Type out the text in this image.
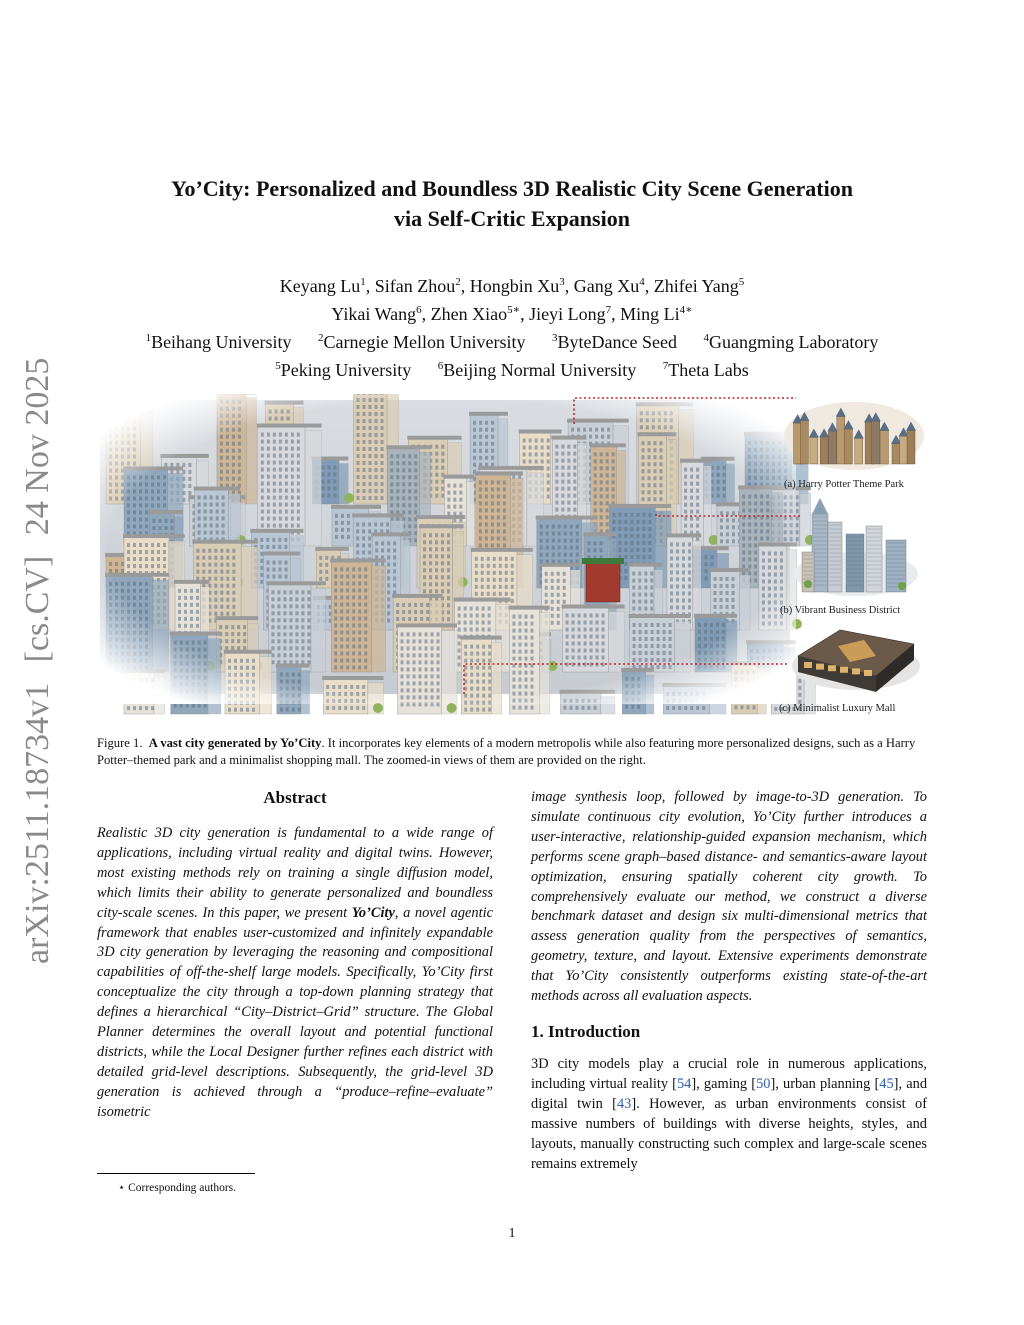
arXiv:2511.18734v1 [cs.CV] 24 Nov 2025
Yo’City: Personalized and Boundless 3D Realistic City Scene Generation
via Self-Critic Expansion
Keyang Lu$^1$, Sifan Zhou$^2$, Hongbin Xu$^3$, Gang Xu$^4$, Zhifei Yang$^5$
Yikai Wang$^6$, Zhen Xiao$^{5∗}$, Jieyi Long$^7$, Ming $Li^{4∗}$
$^1$Beihang University $^2$Carnegie Mellon University $^3$ByteDance Seed $^4$Guangming Laboratory
$^5$Peking University $^6$Beijing Normal University $^7$Theta Labs
(a) Harry Potter Theme Park
(b) Vibrant Business District
(c) Minimalist Luxury Mall
Figure 1. A vast city generated by Yo’City. It incorporates key elements of a modern metropolis while also featuring more personalized designs, such as a Harry Potter–themed park and a minimalist shopping mall. The zoomed-in views of them are provided on the right.
Abstract

Realistic 3D city generation is fundamental to a wide range of applications, including virtual reality and digital twins. However, most existing methods rely on training a single diffusion model, which limits their ability to generate personalized and boundless city-scale scenes. In this paper, we present Yo’City, a novel agentic framework that enables user-customized and infinitely expandable 3D city generation by leveraging the reasoning and compositional capabilities of off-the-shelf large models. Specifically, Yo’City first conceptualize the city through a top-down planning strategy that defines a hierarchical “City–District–Grid” structure. The Global Planner determines the overall layout and potential functional districts, while the Local Designer further refines each district with detailed grid-level descriptions. Subsequently, the grid-level 3D generation is achieved through a “produce–refine–evaluate” isometric

image synthesis loop, followed by image-to-3D generation. To simulate continuous city evolution, Yo’City further introduces a user-interactive, relationship-guided expansion mechanism, which performs scene graph–based distance- and semantics-aware layout optimization, ensuring spatially coherent city growth. To comprehensively evaluate our method, we construct a diverse benchmark dataset and design six multi-dimensional metrics that assess generation quality from the perspectives of semantics, geometry, texture, and layout. Extensive experiments demonstrate that Yo’City consistently outperforms existing state-of-the-art methods across all evaluation aspects.

1. Introduction

3D city models play a crucial role in numerous applications, including virtual reality [54], gaming [50], urban planning [45], and digital twin [43]. However, as urban environments consist of massive numbers of buildings with diverse heights, styles, and layouts, manually constructing such complex and large-scale scenes remains extremely

⋆ Corresponding authors.
1
